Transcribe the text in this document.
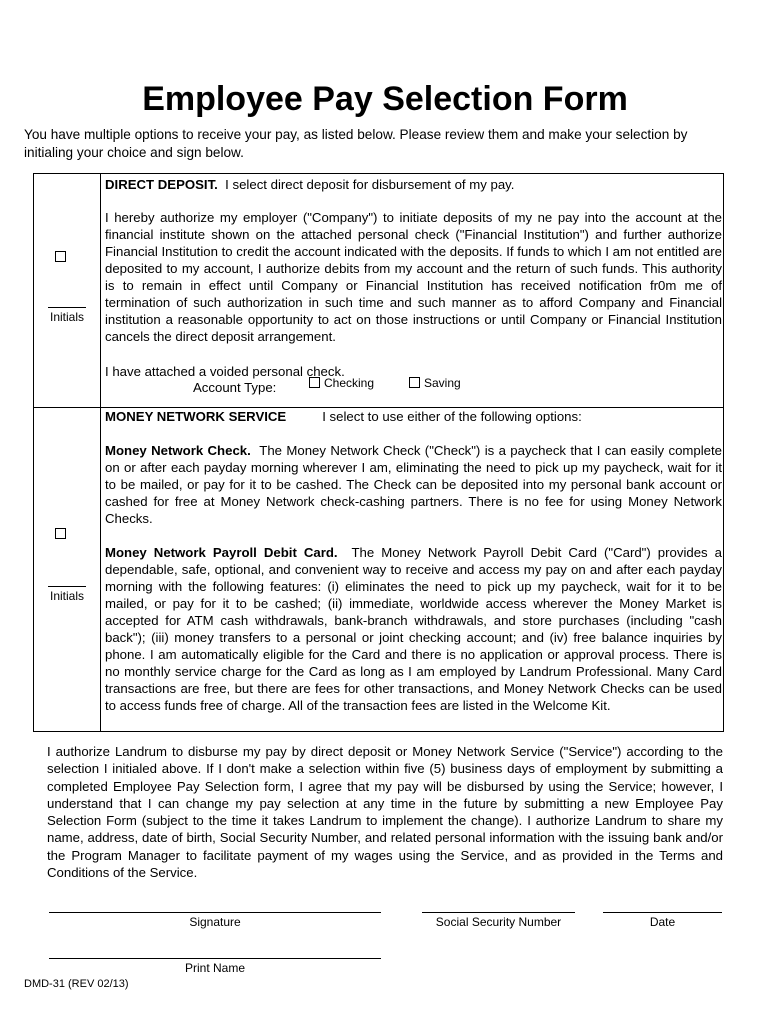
Employee Pay Selection Form
You have multiple options to receive your pay, as listed below. Please review them and make your selection by
initialing your choice and sign below.
Initials

DIRECT DEPOSIT. I select direct deposit for disbursement of my pay.

I hereby authorize my employer ("Company") to initiate deposits of my ne pay into the account at the financial institute shown on the attached personal check ("Financial Institution") and further authorize Financial Institution to credit the account indicated with the deposits. If funds to which I am not entitled are deposited to my account, I authorize debits from my account and the return of such funds. This authority is to remain in effect until Company or Financial Institution has received notification fr0m me of termination of such authorization in such time and such manner as to afford Company and Financial institution a reasonable opportunity to act on those instructions or until Company or Financial Institution cancels the direct deposit arrangement.

I have attached a voided personal check.

Account Type:	Checking	Saving
Initials

MONEY NETWORK SERVICE	I select to use either of the following options:

Money Network Check. The Money Network Check ("Check") is a paycheck that I can easily complete on or after each payday morning wherever I am, eliminating the need to pick up my paycheck, wait for it to be mailed, or pay for it to be cashed. The Check can be deposited into my personal bank account or cashed for free at Money Network check-cashing partners. There is no fee for using Money Network Checks.

Money Network Payroll Debit Card. The Money Network Payroll Debit Card ("Card") provides a dependable, safe, optional, and convenient way to receive and access my pay on and after each payday morning with the following features: (i) eliminates the need to pick up my paycheck, wait for it to be mailed, or pay for it to be cashed; (ii) immediate, worldwide access wherever the Money Market is accepted for ATM cash withdrawals, bank-branch withdrawals, and store purchases (including "cash back"); (iii) money transfers to a personal or joint checking account; and (iv) free balance inquiries by phone. I am automatically eligible for the Card and there is no application or approval process. There is no monthly service charge for the Card as long as I am employed by Landrum Professional. Many Card transactions are free, but there are fees for other transactions, and Money Network Checks can be used to access funds free of charge. All of the transaction fees are listed in the Welcome Kit.

I authorize Landrum to disburse my pay by direct deposit or Money Network Service ("Service") according to the selection I initialed above. If I don't make a selection within five (5) business days of employment by submitting a completed Employee Pay Selection form, I agree that my pay will be disbursed by using the Service; however, I understand that I can change my pay selection at any time in the future by submitting a new Employee Pay Selection Form (subject to the time it takes Landrum to implement the change). I authorize Landrum to share my name, address, date of birth, Social Security Number, and related personal information with the issuing bank and/or the Program Manager to facilitate payment of my wages using the Service, and as provided in the Terms and Conditions of the Service.

Signature	Social Security Number	Date
Print Name
DMD-31 (REV 02/13)
